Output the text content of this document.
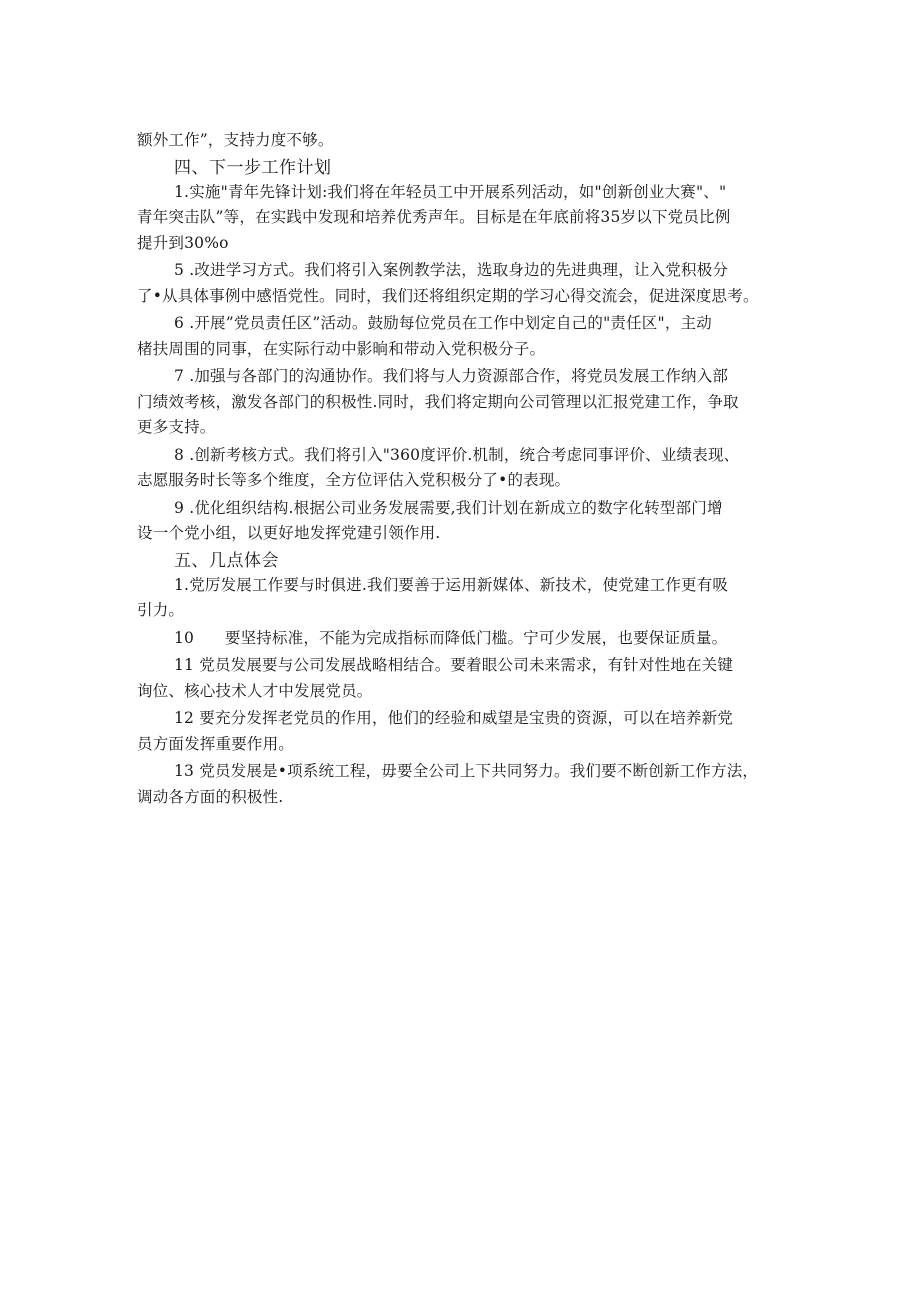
额外工作”，支持力度不够。
四、下一步工作计划
1.实施"青年先锋计划:我们将在年轻员工中开展系列活动，如"创新创业大赛"、"
青年突击队”等，在实践中发现和培养优秀声年。目标是在年底前将35岁以下党员比例
提升到30%o
5 .改进学习方式。我们将引入案例教学法，选取身边的先进典理，让入党积极分
了•从具体事例中感悟党性。同时，我们还将组织定期的学习心得交流会，促进深度思考。
6 .开展”党员责任区”活动。鼓励每位党员在工作中划定自己的"责任区"，主动
楮扶周围的同事，在实际行动中影晌和带动入党积极分子。
7 .加强与各部门的沟通协作。我们将与人力资源部合作，将党员发展工作纳入部
门绩效考核，激发各部门的积极性.同时，我们将定期向公司管理以汇报党建工作，争取
更多支持。
8 .创新考核方式。我们将引入"360度评价.机制，统合考虑同事评价、业绩表现、
志愿服务时长等多个维度，全方位评估入党积极分了•的表现。
9 .优化组织结构.根据公司业务发展需要,我们计划在新成立的数字化转型部门增
设一个党小组，以更好地发挥党建引领作用.
五、几点体会
1.党厉发展工作要与时俱进.我们要善于运用新媒体、新技术，使党建工作更有吸
引力。
10      要坚持标准，不能为完成指标而降低门槛。宁可少发展，也要保证质量。
11 党员发展要与公司发展战略相结合。要着眼公司未来需求，有针对性地在关键
询位、核心技术人才中发展党员。
12 要充分发挥老党员的作用，他们的经验和威望是宝贵的资源，可以在培养新党
员方面发挥重要作用。
13 党员发展是•项系统工程，毋要全公司上下共同努力。我们要不断创新工作方法，
调动各方面的积极性.
